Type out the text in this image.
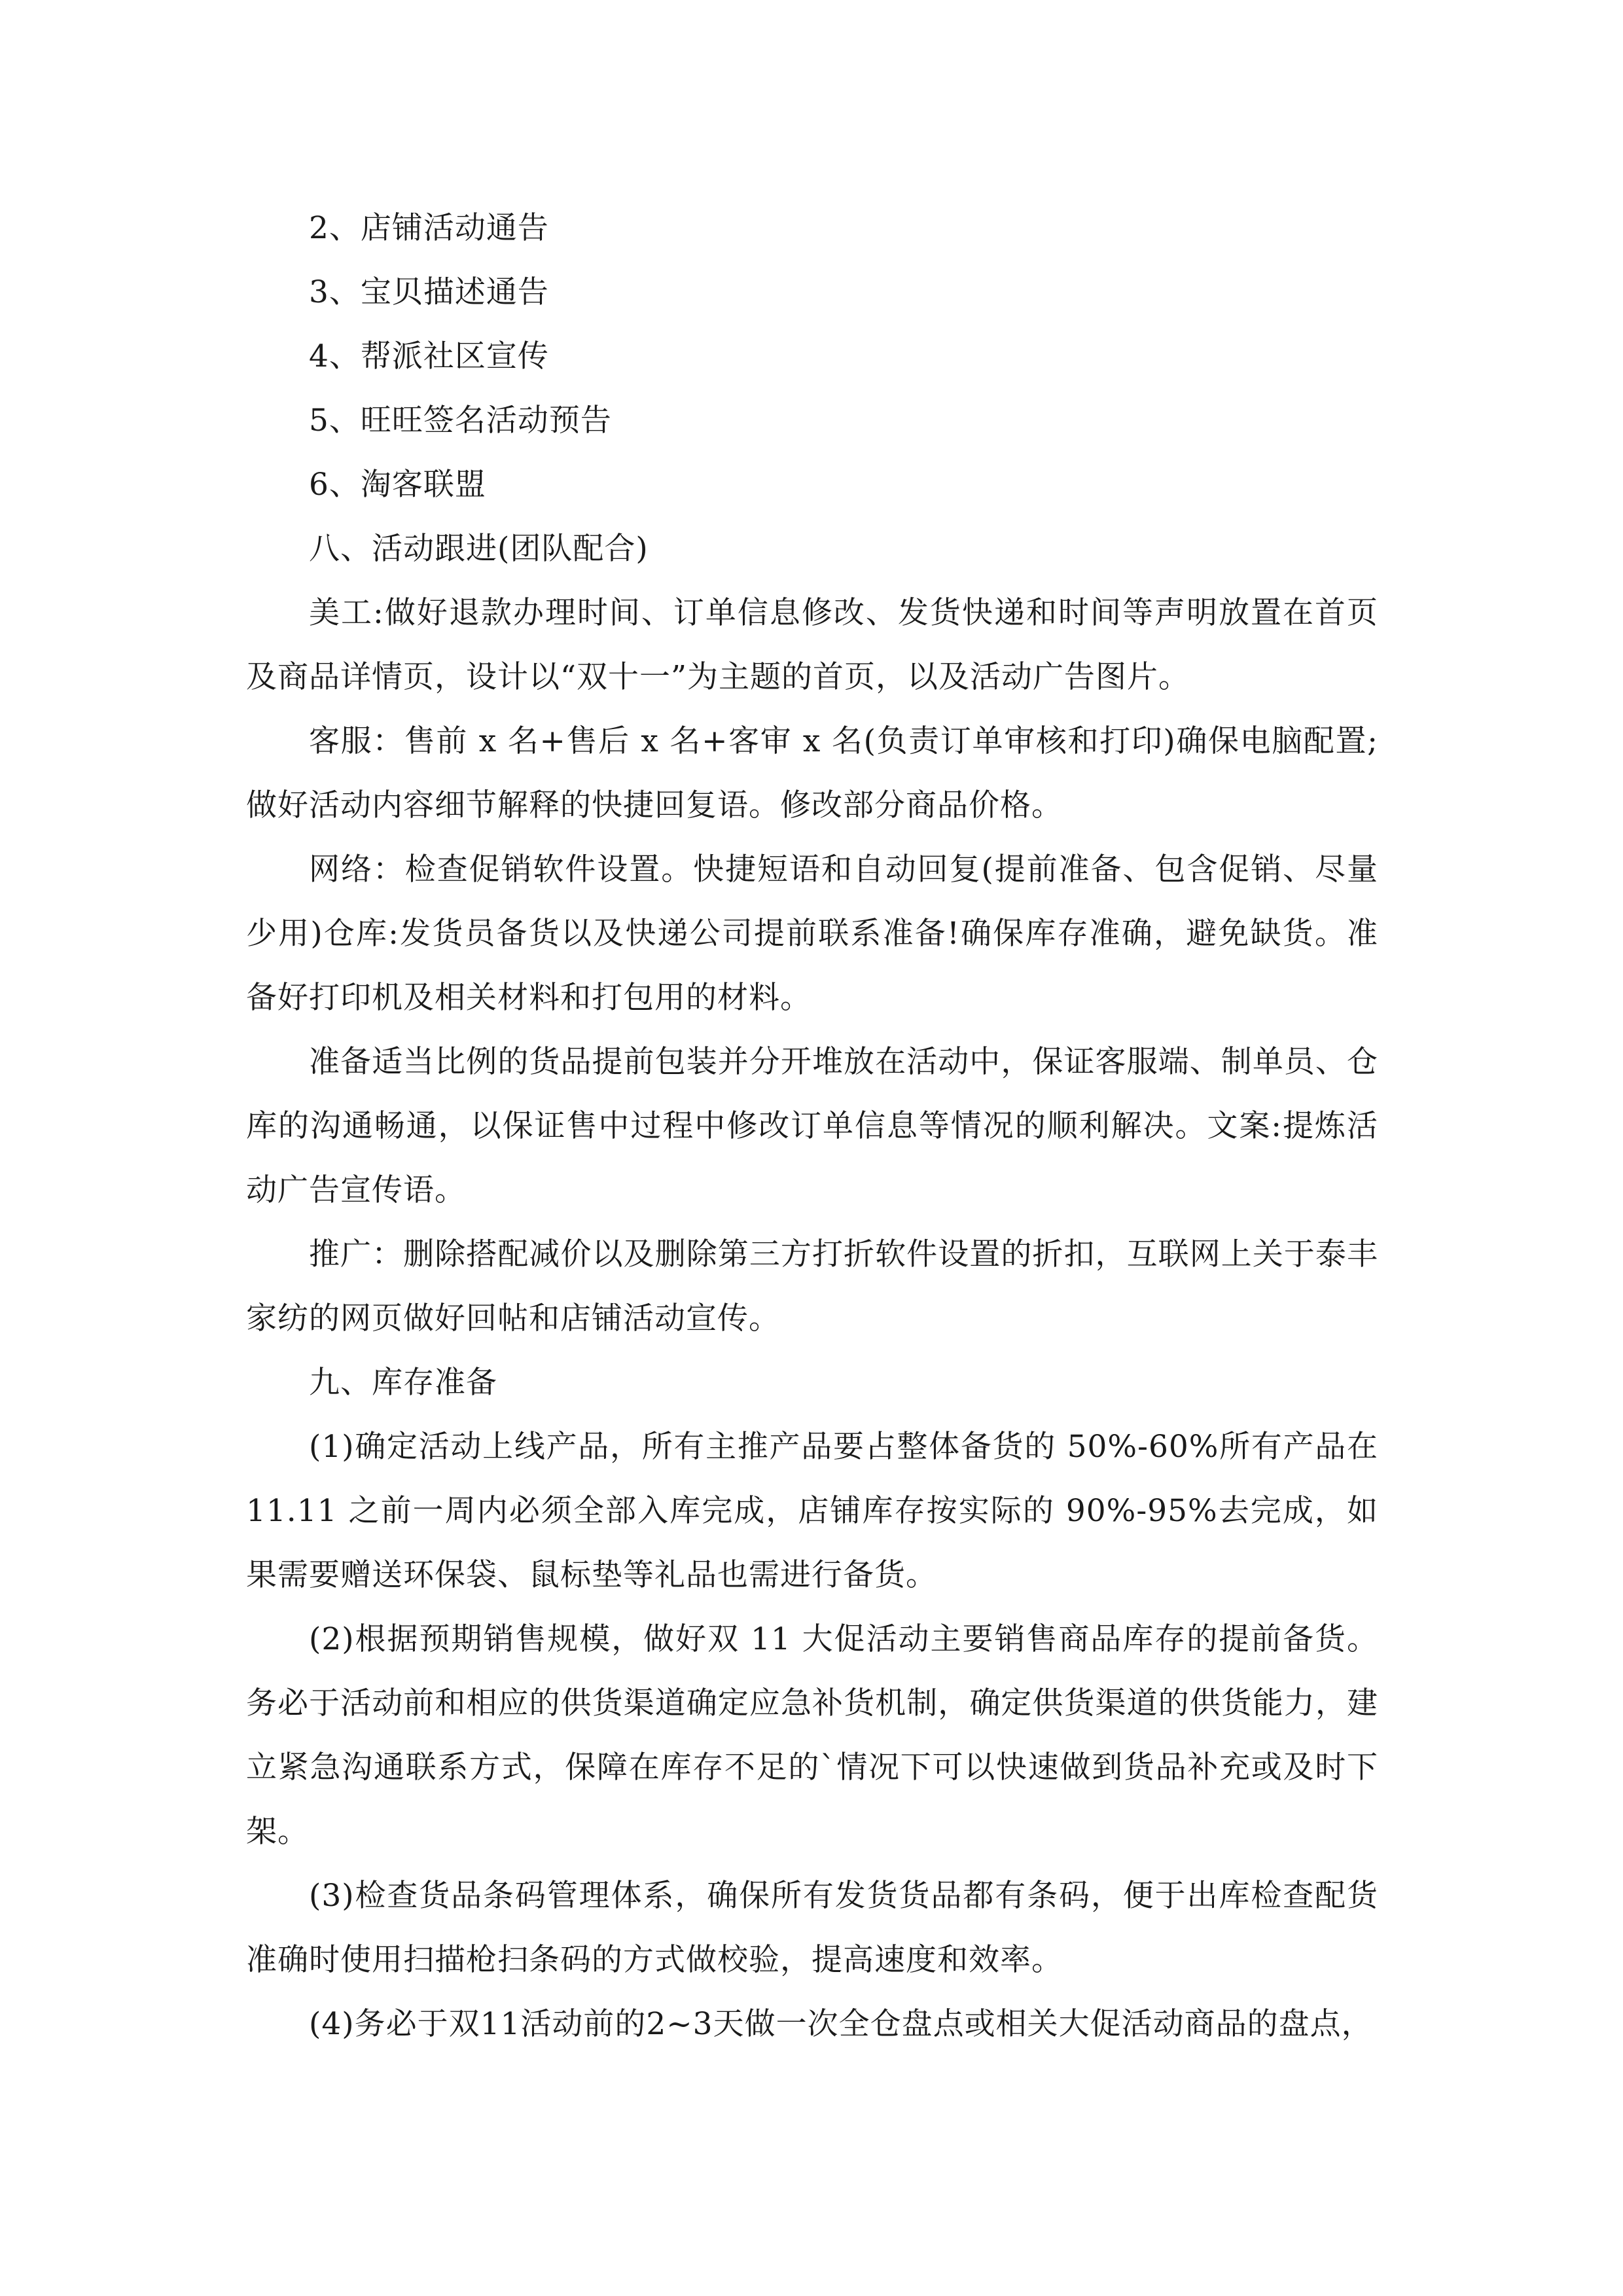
2、店铺活动通告

3、宝贝描述通告

4、帮派社区宣传

5、旺旺签名活动预告

6、淘客联盟

八、活动跟进(团队配合)

美工:做好退款办理时间、订单信息修改、发货快递和时间等声明放置在首页及商品详情页，设计以“双十一”为主题的首页，以及活动广告图片。

客服：售前 x 名+售后 x 名+客审 x 名(负责订单审核和打印)确保电脑配置;做好活动内容细节解释的快捷回复语。修改部分商品价格。

网络：检查促销软件设置。快捷短语和自动回复(提前准备、包含促销、尽量少用)仓库:发货员备货以及快递公司提前联系准备!确保库存准确，避免缺货。准备好打印机及相关材料和打包用的材料。

准备适当比例的货品提前包装并分开堆放在活动中，保证客服端、制单员、仓库的沟通畅通，以保证售中过程中修改订单信息等情况的顺利解决。文案:提炼活动广告宣传语。

推广：删除搭配减价以及删除第三方打折软件设置的折扣，互联网上关于泰丰家纺的网页做好回帖和店铺活动宣传。

九、库存准备

(1)确定活动上线产品，所有主推产品要占整体备货的 50%-60%所有产品在 11.11 之前一周内必须全部入库完成，店铺库存按实际的 90%-95%去完成，如果需要赠送环保袋、鼠标垫等礼品也需进行备货。

(2)根据预期销售规模，做好双 11 大促活动主要销售商品库存的提前备货。务必于活动前和相应的供货渠道确定应急补货机制，确定供货渠道的供货能力，建立紧急沟通联系方式，保障在库存不足的`情况下可以快速做到货品补充或及时下架。

(3)检查货品条码管理体系，确保所有发货货品都有条码，便于出库检查配货准确时使用扫描枪扫条码的方式做校验，提高速度和效率。

(4)务必于双11活动前的2~3天做一次全仓盘点或相关大促活动商品的盘点，
